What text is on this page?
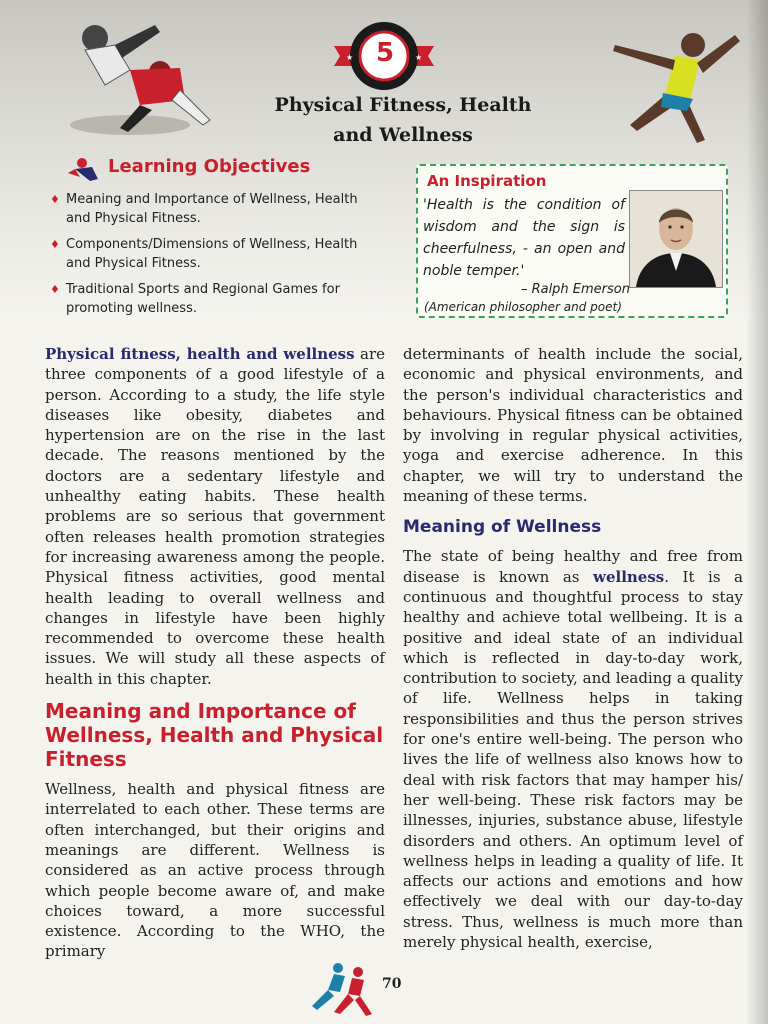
★	★
5
Physical Fitness, Health
and Wellness
Learning Objectives
♦ Meaning and Importance of Wellness, Health and Physical Fitness.
♦ Components/Dimensions of Wellness, Health and Physical Fitness.
♦ Traditional Sports and Regional Games for promoting wellness.
An Inspiration

'Health is the condition of wisdom and the sign is cheerfulness, - an open and noble temper.'

– Ralph Emerson
(American philosopher and poet)

Physical fitness, health and wellness are three components of a good lifestyle of a person. According to a study, the life style diseases like obesity, diabetes and hypertension are on the rise in the last decade. The reasons mentioned by the doctors are a sedentary lifestyle and unhealthy eating habits. These health problems are so serious that government often releases health promotion strategies for increasing awareness among the people. Physical fitness activities, good mental health leading to overall wellness and changes in lifestyle have been highly recommended to overcome these health issues. We will study all these aspects of health in this chapter.

Meaning and Importance of Wellness, Health and Physical Fitness

Wellness, health and physical fitness are interrelated to each other. These terms are often interchanged, but their origins and meanings are different. Wellness is considered as an active process through which people become aware of, and make choices toward, a more successful existence. According to the WHO, the primary

determinants of health include the social, economic and physical environments, and the person's individual characteristics and behaviours. Physical fitness can be obtained by involving in regular physical activities, yoga and exercise adherence. In this chapter, we will try to understand the meaning of these terms.

Meaning of Wellness

The state of being healthy and free from disease is known as wellness. It is a continuous and thoughtful process to stay healthy and achieve total wellbeing. It is a positive and ideal state of an individual which is reflected in day-to-day work, contribution to society, and leading a quality of life. Wellness helps in taking responsibilities and thus the person strives for one's entire well-being. The person who lives the life of wellness also knows how to deal with risk factors that may hamper his/ her well-being. These risk factors may be illnesses, injuries, substance abuse, lifestyle disorders and others. An optimum level of wellness helps in leading a quality of life. It affects our actions and emotions and how effectively we deal with our day-to-day stress. Thus, wellness is much more than merely physical health, exercise,

70
